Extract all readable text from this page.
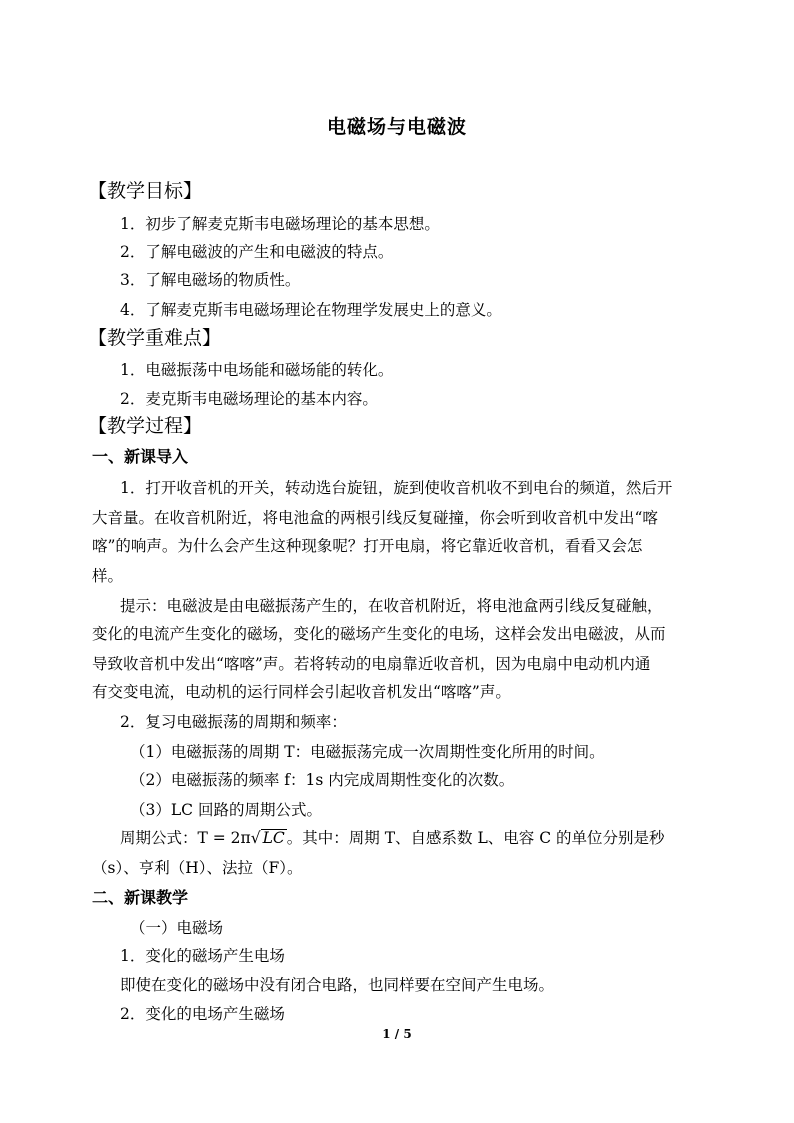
电磁场与电磁波
【教学目标】
1．初步了解麦克斯韦电磁场理论的基本思想。
2．了解电磁波的产生和电磁波的特点。
3．了解电磁场的物质性。
4．了解麦克斯韦电磁场理论在物理学发展史上的意义。
【教学重难点】
1．电磁振荡中电场能和磁场能的转化。
2．麦克斯韦电磁场理论的基本内容。
【教学过程】
一、新课导入
1．打开收音机的开关，转动选台旋钮，旋到使收音机收不到电台的频道，然后开
大音量。在收音机附近，将电池盒的两根引线反复碰撞，你会听到收音机中发出“喀
喀”的响声。为什么会产生这种现象呢？打开电扇，将它靠近收音机，看看又会怎
样。
提示：电磁波是由电磁振荡产生的，在收音机附近，将电池盒两引线反复碰触，
变化的电流产生变化的磁场，变化的磁场产生变化的电场，这样会发出电磁波，从而
导致收音机中发出“喀喀”声。若将转动的电扇靠近收音机，因为电扇中电动机内通
有交变电流，电动机的运行同样会引起收音机发出“喀喀”声。
2．复习电磁振荡的周期和频率：
（1）电磁振荡的周期 T：电磁振荡完成一次周期性变化所用的时间。
（2）电磁振荡的频率 f：1s 内完成周期性变化的次数。
（3）LC 回路的周期公式。
周期公式：T = 2π√ LC 。其中：周期 T、自感系数 L、电容 C 的单位分别是秒
（s）、亨利（H）、法拉（F）。
二、新课教学
（一）电磁场
1．变化的磁场产生电场
即使在变化的磁场中没有闭合电路，也同样要在空间产生电场。
2．变化的电场产生磁场
1 / 5
